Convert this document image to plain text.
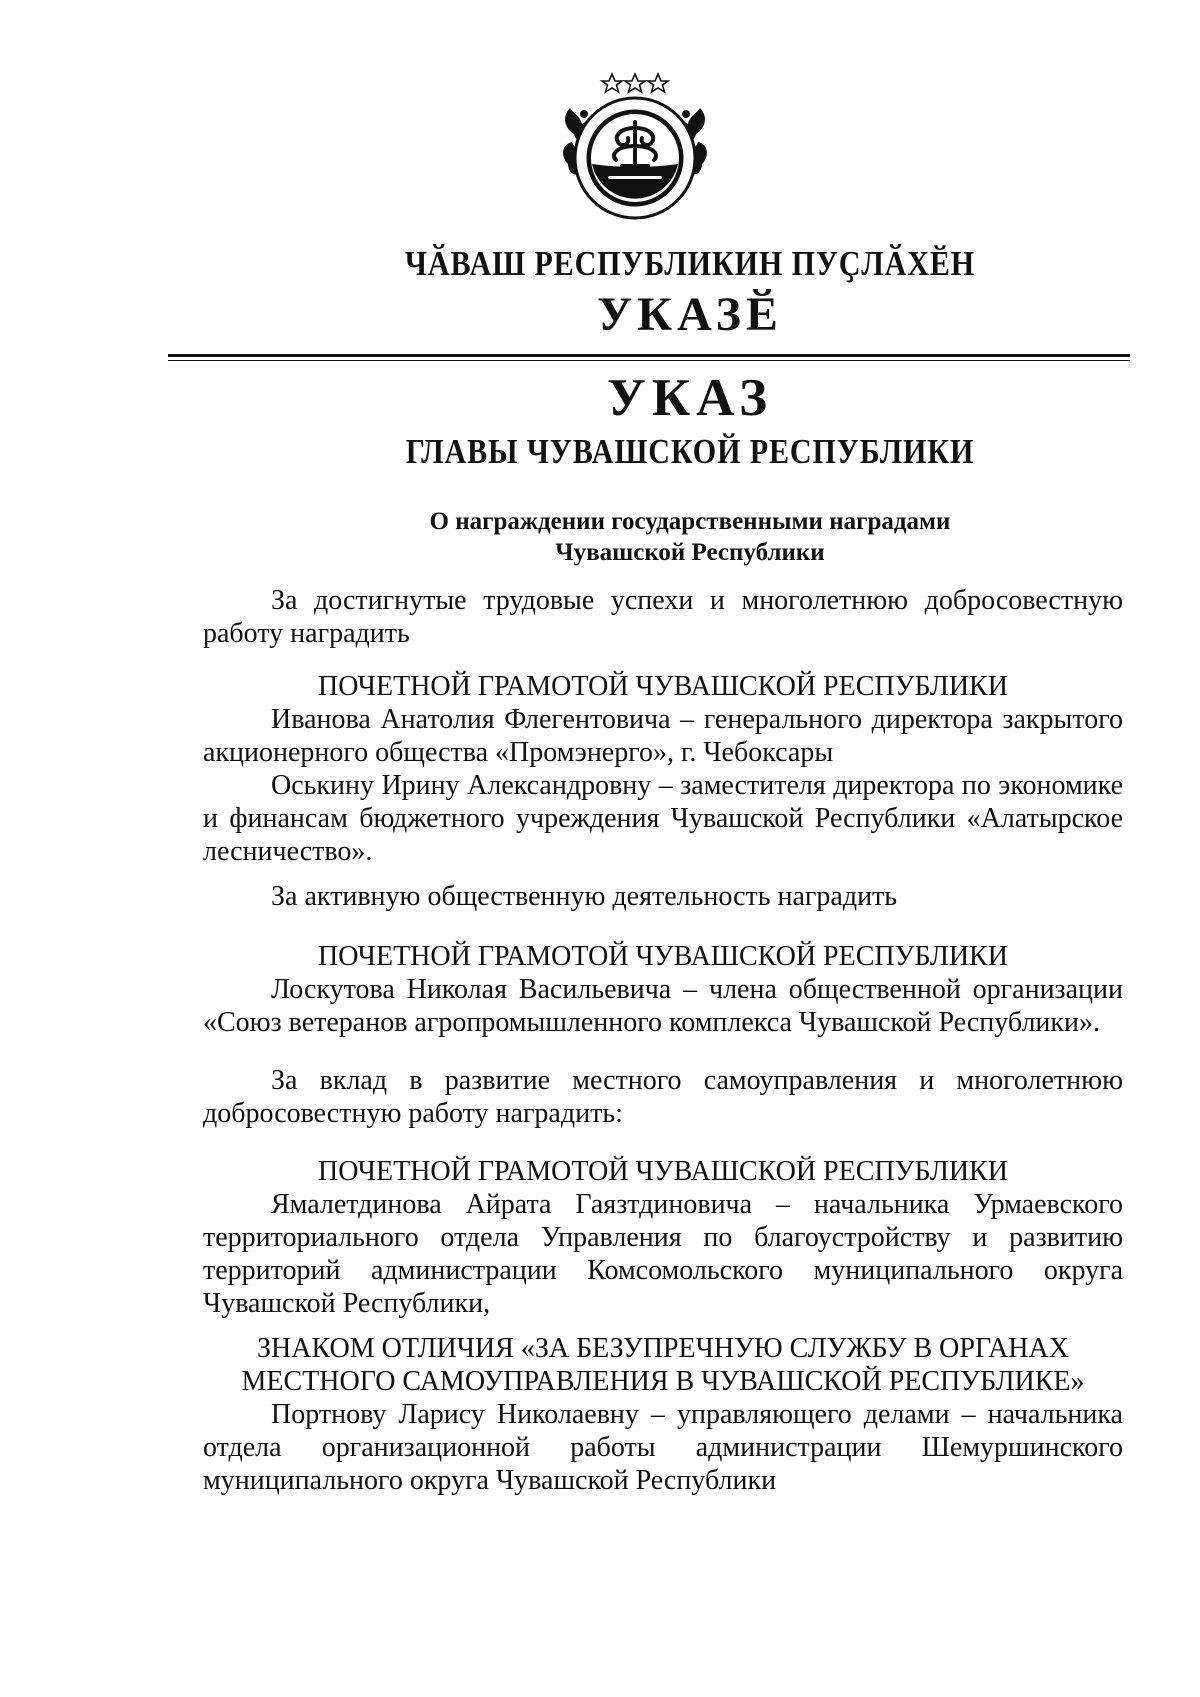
ЧӐВАШ РЕСПУБЛИКИН ПУҪЛӐХӖН
УКАЗӖ
УКАЗ
ГЛАВЫ ЧУВАШСКОЙ РЕСПУБЛИКИ
О награждении государственными наградами
Чувашской Республики

За достигнутые трудовые успехи и многолетнюю добросовестную работу наградить

ПОЧЕТНОЙ ГРАМОТОЙ ЧУВАШСКОЙ РЕСПУБЛИКИ

Иванова Анатолия Флегентовича – генерального директора закрытого акционерного общества «Промэнерго», г. Чебоксары

Оськину Ирину Александровну – заместителя директора по экономике и финансам бюджетного учреждения Чувашской Республики «Алатырское лесничество».

За активную общественную деятельность наградить

ПОЧЕТНОЙ ГРАМОТОЙ ЧУВАШСКОЙ РЕСПУБЛИКИ

Лоскутова Николая Васильевича – члена общественной организации «Союз ветеранов агропромышленного комплекса Чувашской Республики».

За вклад в развитие местного самоуправления и многолетнюю добросовестную работу наградить:

ПОЧЕТНОЙ ГРАМОТОЙ ЧУВАШСКОЙ РЕСПУБЛИКИ

Ямалетдинова Айрата Гаязтдиновича – начальника Урмаевского территориального отдела Управления по благоустройству и развитию территорий администрации Комсомольского муниципального округа Чувашской Республики,

ЗНАКОМ ОТЛИЧИЯ «ЗА БЕЗУПРЕЧНУЮ СЛУЖБУ В ОРГАНАХ

МЕСТНОГО САМОУПРАВЛЕНИЯ В ЧУВАШСКОЙ РЕСПУБЛИКЕ»

Портнову Ларису Николаевну – управляющего делами – начальника отдела организационной работы администрации Шемуршинского муниципального округа Чувашской Республики
